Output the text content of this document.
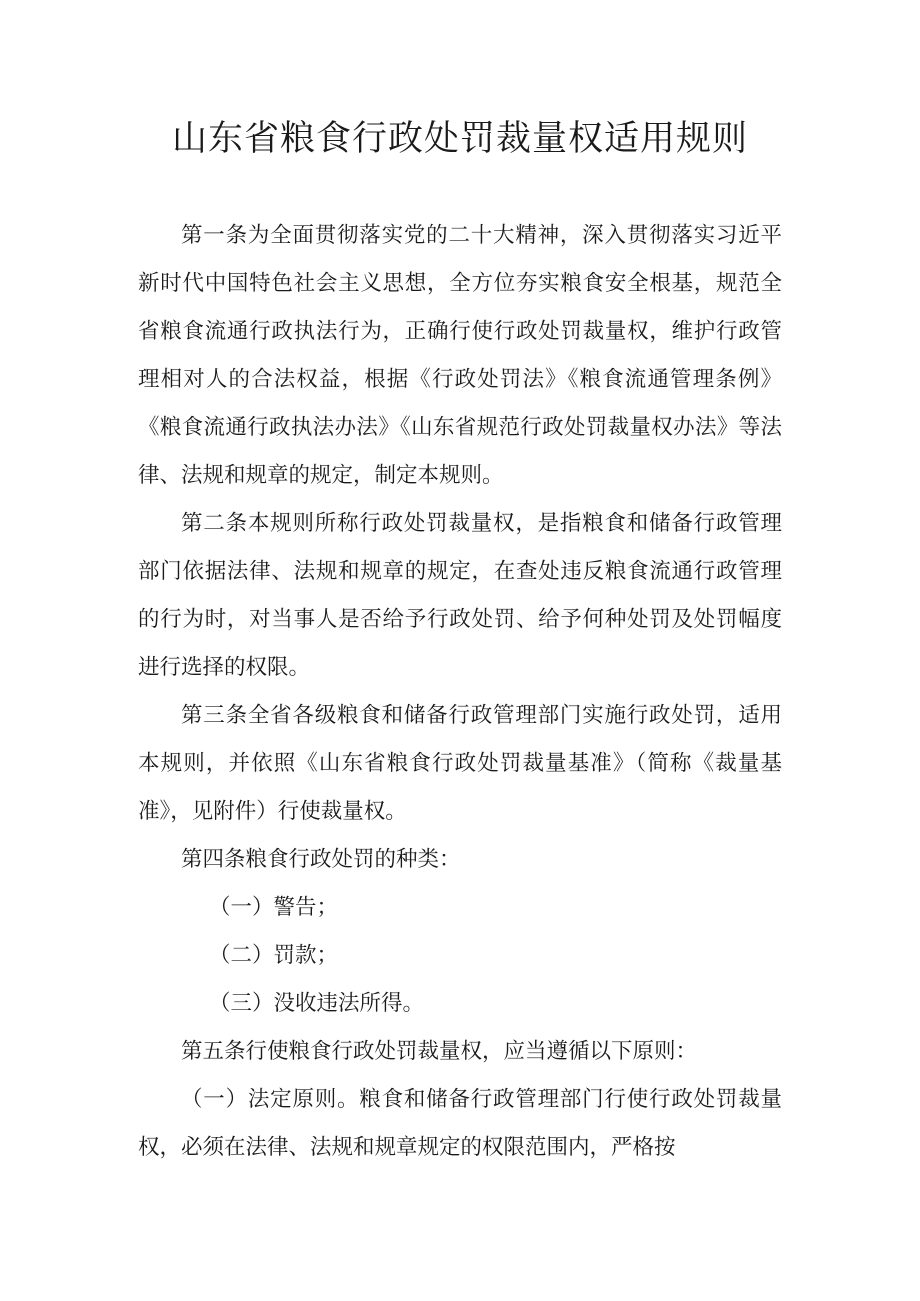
山东省粮食行政处罚裁量权适用规则

第一条为全面贯彻落实党的二十大精神，深入贯彻落实习近平新时代中国特色社会主义思想，全方位夯实粮食安全根基，规范全省粮食流通行政执法行为，正确行使行政处罚裁量权，维护行政管理相对人的合法权益，根据《行政处罚法》《粮食流通管理条例》《粮食流通行政执法办法》《山东省规范行政处罚裁量权办法》等法律、法规和规章的规定，制定本规则。

第二条本规则所称行政处罚裁量权，是指粮食和储备行政管理部门依据法律、法规和规章的规定，在查处违反粮食流通行政管理的行为时，对当事人是否给予行政处罚、给予何种处罚及处罚幅度进行选择的权限。

第三条全省各级粮食和储备行政管理部门实施行政处罚，适用本规则，并依照《山东省粮食行政处罚裁量基准》（简称《裁量基准》，见附件）行使裁量权。

第四条粮食行政处罚的种类：

（一）警告；

（二）罚款；

（三）没收违法所得。

第五条行使粮食行政处罚裁量权，应当遵循以下原则：

（一）法定原则。粮食和储备行政管理部门行使行政处罚裁量权，必须在法律、法规和规章规定的权限范围内，严格按
